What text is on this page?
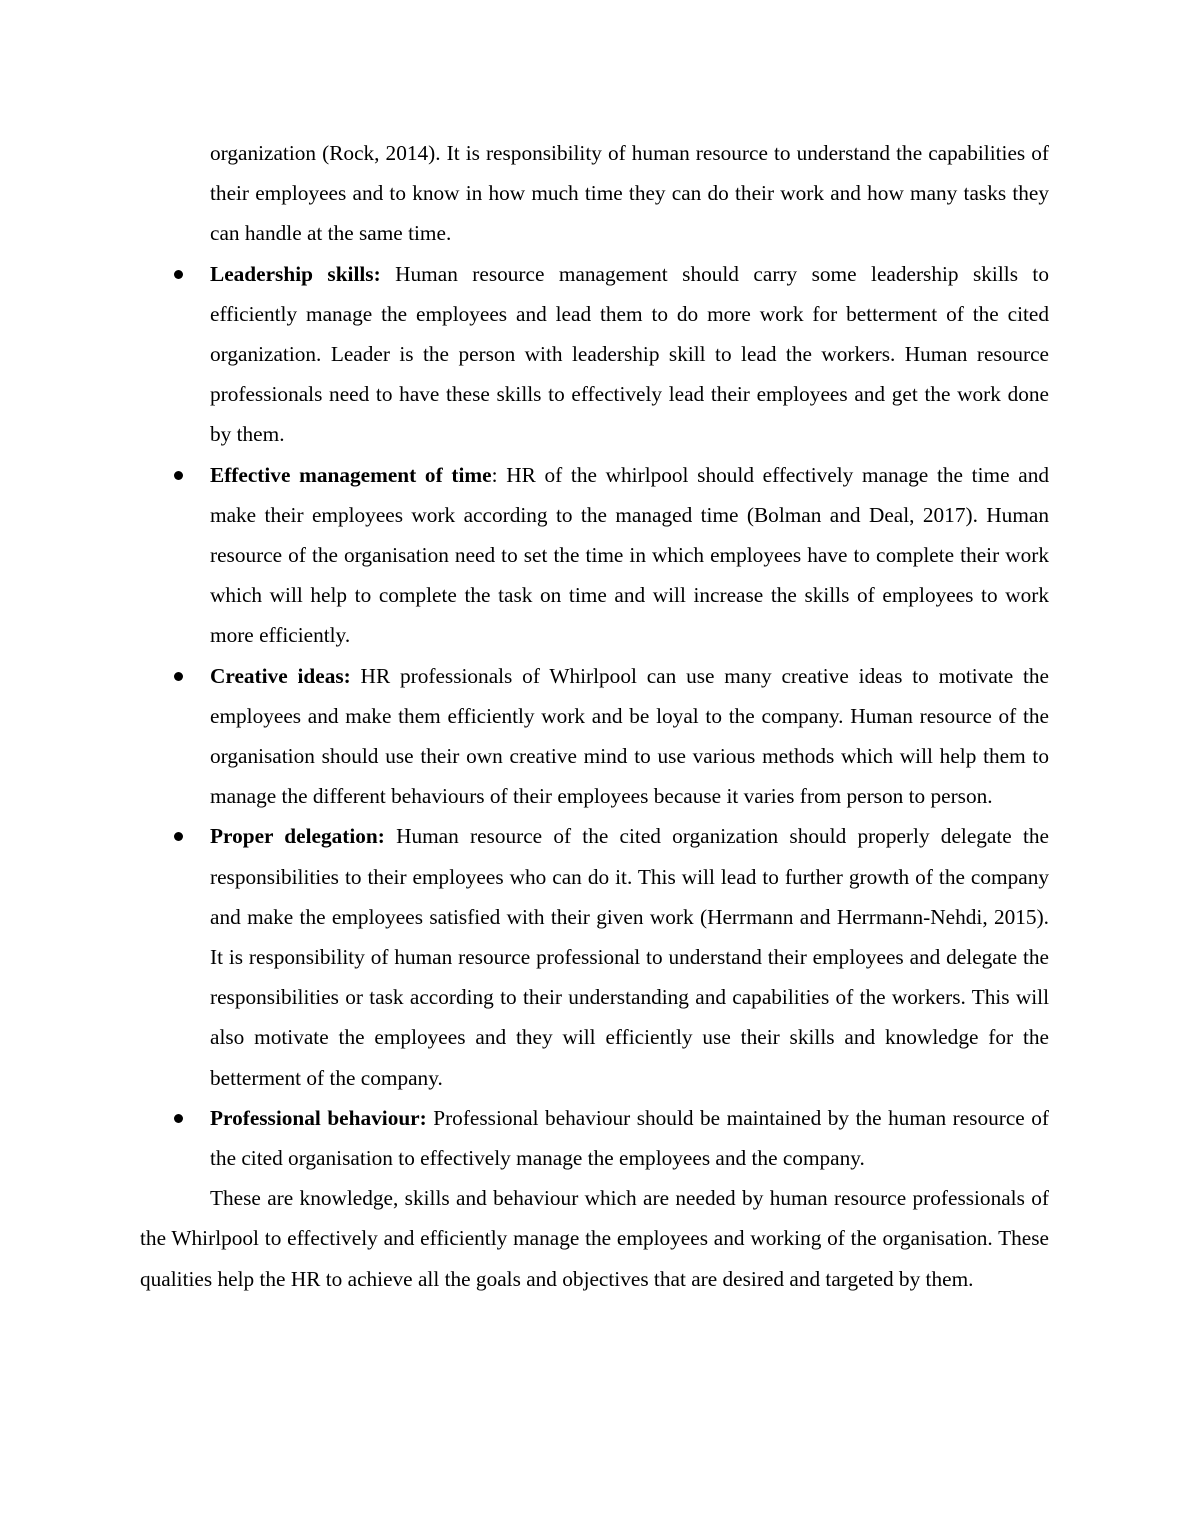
organization (Rock, 2014). It is responsibility of human resource to understand the capabilities of their employees and to know in how much time they can do their work and how many tasks they can handle at the same time.

Leadership skills: Human resource management should carry some leadership skills to efficiently manage the employees and lead them to do more work for betterment of the cited organization. Leader is the person with leadership skill to lead the workers. Human resource professionals need to have these skills to effectively lead their employees and get the work done by them.
Effective management of time: HR of the whirlpool should effectively manage the time and make their employees work according to the managed time (Bolman and Deal, 2017). Human resource of the organisation need to set the time in which employees have to complete their work which will help to complete the task on time and will increase the skills of employees to work more efficiently.
Creative ideas: HR professionals of Whirlpool can use many creative ideas to motivate the employees and make them efficiently work and be loyal to the company. Human resource of the organisation should use their own creative mind to use various methods which will help them to manage the different behaviours of their employees because it varies from person to person.
Proper delegation: Human resource of the cited organization should properly delegate the responsibilities to their employees who can do it. This will lead to further growth of the company and make the employees satisfied with their given work (Herrmann and Herrmann-Nehdi, 2015). It is responsibility of human resource professional to understand their employees and delegate the responsibilities or task according to their understanding and capabilities of the workers. This will also motivate the employees and they will efficiently use their skills and knowledge for the betterment of the company.
Professional behaviour: Professional behaviour should be maintained by the human resource of the cited organisation to effectively manage the employees and the company.

These are knowledge, skills and behaviour which are needed by human resource professionals of the Whirlpool to effectively and efficiently manage the employees and working of the organisation. These qualities help the HR to achieve all the goals and objectives that are desired and targeted by them.
